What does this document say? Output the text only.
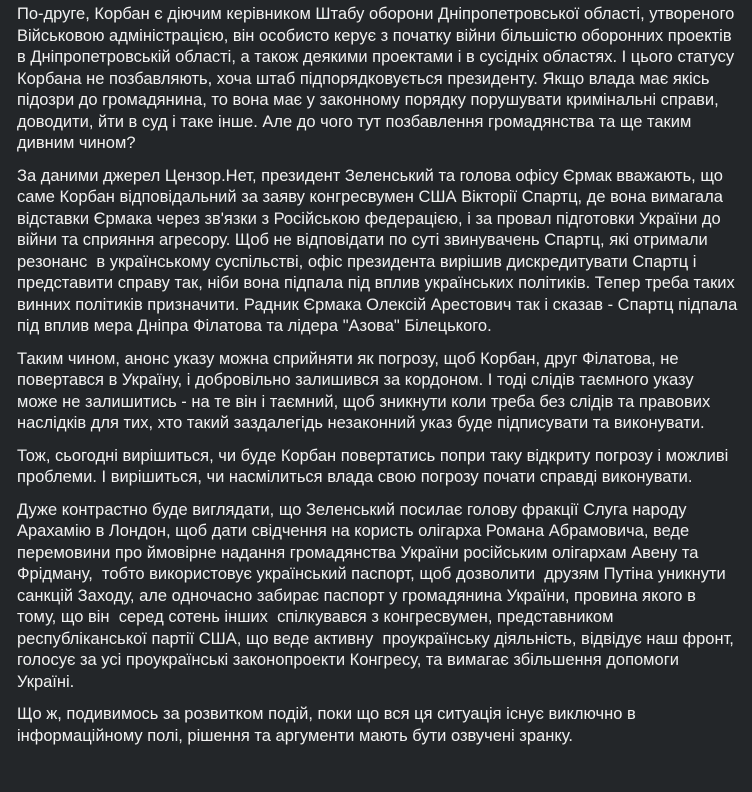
По-друге, Корбан є діючим керівником Штабу оборони Дніпропетровської області, утвореного Військовою адміністрацією, він особисто керує з початку війни більшістю оборонних проектів в Дніпропетровській області, а також деякими проектами і в сусідніх областях. І цього статусу Корбана не позбавляють, хоча штаб підпорядковується президенту. Якщо влада має якісь підозри до громадянина, то вона має у законному порядку порушувати кримінальні справи, доводити, йти в суд і таке інше. Але до чого тут позбавлення громадянства та ще таким дивним чином?

За даними джерел Цензор.Нет, президент Зеленський та голова офісу Єрмак вважають, що саме Корбан відповідальний за заяву конгресвумен США Вікторії Спартц, де вона вимагала відставки Єрмака через зв'язки з Російською федерацією, і за провал підготовки України до війни та сприяння агресору. Щоб не відповідати по суті звинувачень Спартц, які отримали резонанс  в українському суспільстві, офіс президента вирішив дискредитувати Спартц і представити справу так, ніби вона підпала під вплив українських політиків. Тепер треба таких винних політиків призначити. Радник Єрмака Олексій Арестович так і сказав - Спартц підпала під вплив мера Дніпра Філатова та лідера "Азова" Білецького.

Таким чином, анонс указу можна сприйняти як погрозу, щоб Корбан, друг Філатова, не повертався в Україну, і добровільно залишився за кордоном. І тоді слідів таємного указу може не залишитись - на те він і таємний, щоб зникнути коли треба без слідів та правових наслідків для тих, хто такий заздалегідь незаконний указ буде підписувати та виконувати.

Тож, сьогодні вирішиться, чи буде Корбан повертатись попри таку відкриту погрозу і можливі проблеми. І вирішиться, чи насмілиться влада свою погрозу почати справді виконувати.

Дуже контрастно буде виглядати, що Зеленський посилає голову фракції Слуга народу Арахамію в Лондон, щоб дати свідчення на користь олігарха Романа Абрамовича, веде перемовини про ймовірне надання громадянства України російським олігархам Авену та Фрідману,  тобто використовує український паспорт, щоб дозволити  друзям Путіна уникнути санкцій Заходу, але одночасно забирає паспорт у громадянина України, провина якого в тому, що він  серед сотень інших  спілкувався з конгресвумен, представником республіканської партії США, що веде активну  проукраїнську діяльність, відвідує наш фронт, голосує за усі проукраїнські законопроекти Конгресу, та вимагає збільшення допомоги Україні.

Що ж, подивимось за розвитком подій, поки що вся ця ситуація існує виключно в інформаційному полі, рішення та аргументи мають бути озвучені зранку.
